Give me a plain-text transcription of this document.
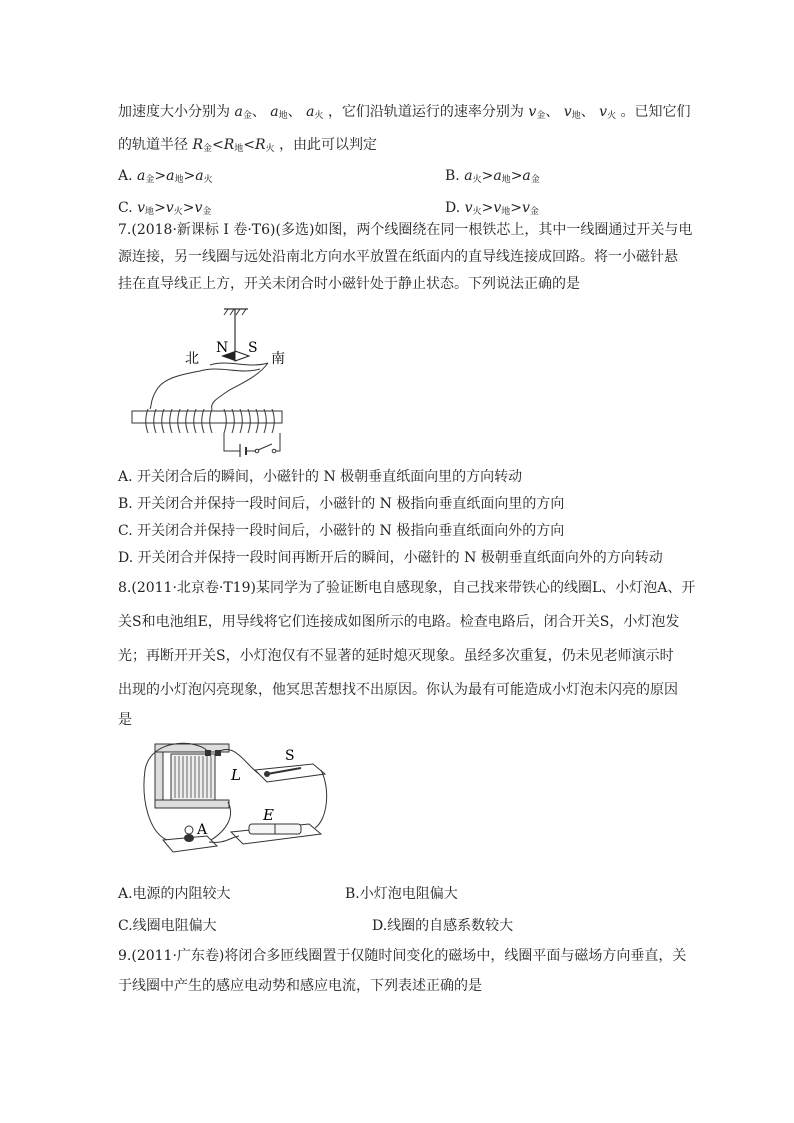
加速度大小分别为 $a_金$、 $a_地$、 $a_火$ ，它们沿轨道运行的速率分别为 $v_金$、 $v_地$、 $v_火$ 。已知它们
的轨道半径 $R_金<R_地<R_火$ ，由此可以判定
A. $a_金>a_地>a_火$	B. $a_火>a_地>a_金$
C. $v_地>v_火>v_金$	D. $v_火>v_地>v_金$
7.(2018·新课标 I 卷·T6)(多选)如图，两个线圈绕在同一根铁芯上，其中一线圈通过开关与电
源连接，另一线圈与远处沿南北方向水平放置在纸面内的直导线连接成回路。将一小磁针悬
挂在直导线正上方，开关未闭合时小磁针处于静止状态。下列说法正确的是
N S
北	南
A. 开关闭合后的瞬间，小磁针的 N 极朝垂直纸面向里的方向转动
B. 开关闭合并保持一段时间后，小磁针的 N 极指向垂直纸面向里的方向
C. 开关闭合并保持一段时间后，小磁针的 N 极指向垂直纸面向外的方向
D. 开关闭合并保持一段时间再断开后的瞬间，小磁针的 N 极朝垂直纸面向外的方向转动
8.(2011·北京卷·T19)某同学为了验证断电自感现象，自己找来带铁心的线圈L、小灯泡A、开
关S和电池组E，用导线将它们连接成如图所示的电路。检查电路后，闭合开关S，小灯泡发
光；再断开开关S，小灯泡仅有不显著的延时熄灭现象。虽经多次重复，仍未见老师演示时
出现的小灯泡闪亮现象，他冥思苦想找不出原因。你认为最有可能造成小灯泡未闪亮的原因
是
L
S
E
A
A.电源的内阻较大	B.小灯泡电阻偏大
C.线圈电阻偏大	D.线圈的自感系数较大
9.(2011·广东卷)将闭合多匝线圈置于仅随时间变化的磁场中，线圈平面与磁场方向垂直，关
于线圈中产生的感应电动势和感应电流，下列表述正确的是
